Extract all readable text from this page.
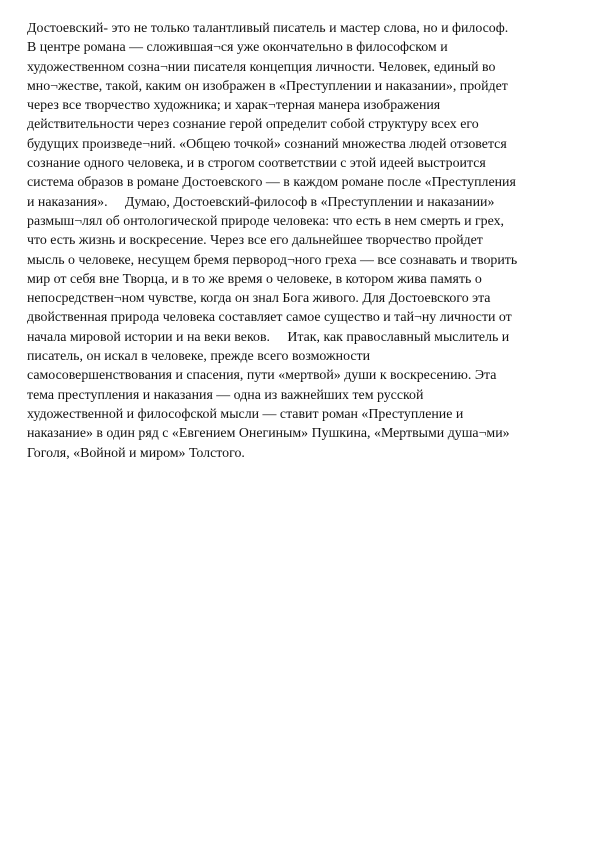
Достоевский- это не только талантливый писатель и мастер слова, но и философ.
В центре романа — сложившая¬ся уже окончательно в философском и
художественном созна¬нии писателя концепция личности. Человек, единый во
мно¬жестве, такой, каким он изображен в «Преступлении и наказании», пройдет
через все творчество художника; и харак¬терная манера изображения
действительности через сознание герой определит собой структуру всех его
будущих произведе¬ний. «Общею точкой» сознаний множества людей отзовется
сознание одного человека, и в строгом соответствии с этой идеей выстроится
система образов в романе Достоевского — в каждом романе после «Преступления
и наказания».     Думаю, Достоевский-философ в «Преступлении и наказании»
размыш¬лял об онтологической природе человека: что есть в нем смерть и грех,
что есть жизнь и воскресение. Через все его дальнейшее творчество пройдет
мысль о человеке, несущем бремя первород¬ного греха — все сознавать и творить
мир от себя вне Творца, и в то же время о человеке, в котором жива память о
непосредствен¬ном чувстве, когда он знал Бога живого. Для Достоевского эта
двойственная природа человека составляет самое существо и тай¬ну личности от
начала мировой истории и на веки веков.     Итак, как православный мыслитель и
писатель, он искал в человеке, прежде всего возможности
самосовершенствования и спасения, пути «мертвой» души к воскресению. Эта
тема преступления и наказания — одна из важнейших тем русской
художественной и философской мысли — ставит роман «Преступление и
наказание» в один ряд с «Евгением Онегиным» Пушкина, «Мертвыми душа¬ми»
Гоголя, «Войной и миром» Толстого.
